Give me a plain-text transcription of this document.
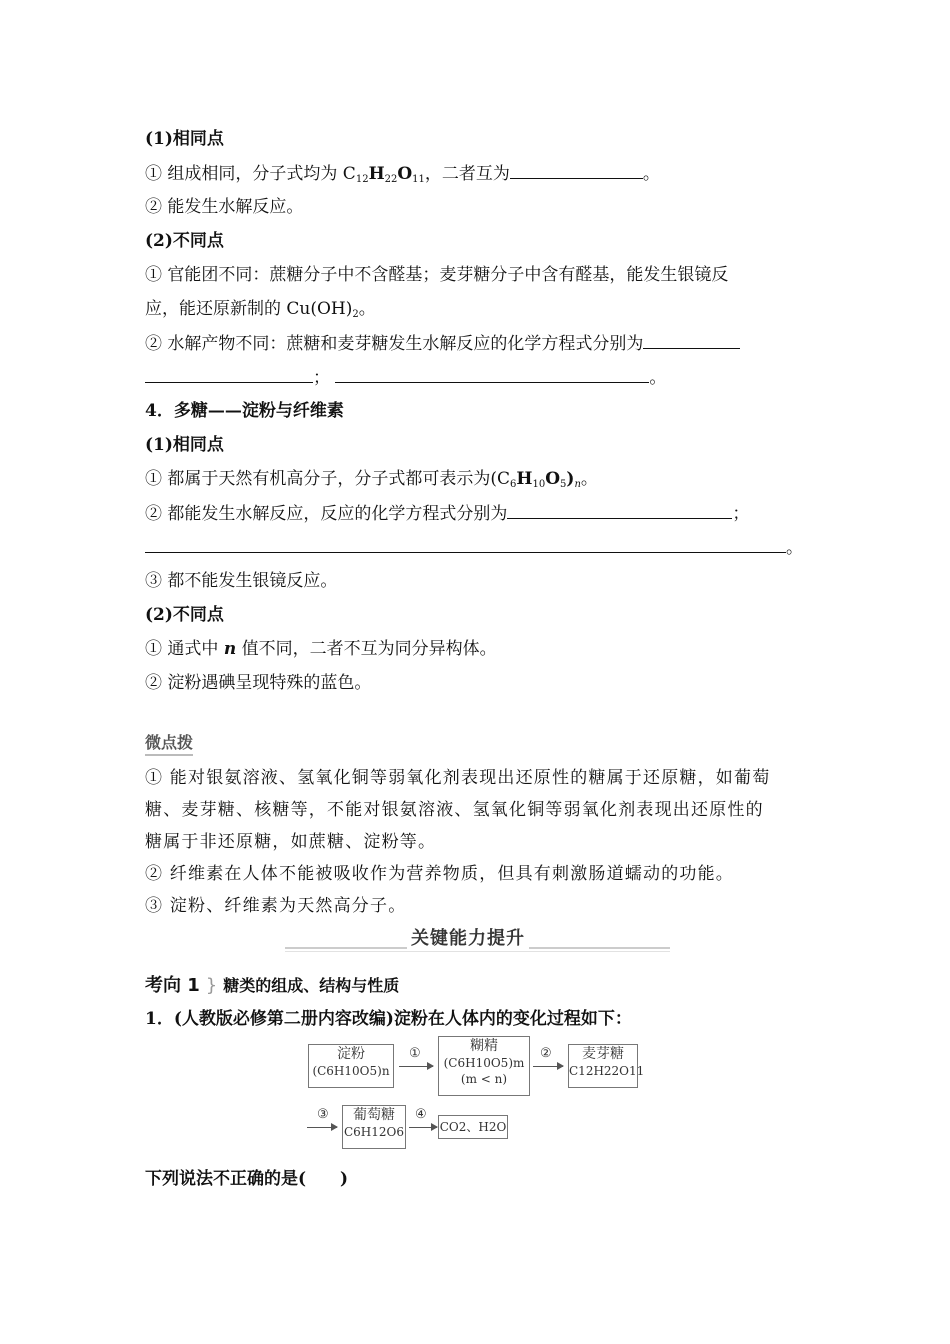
(1)相同点
① 组成相同，分子式均为 $C_{12}H_{22}O_{11}$，二者互为	。
② 能发生水解反应。
(2)不同点
① 官能团不同：蔗糖分子中不含醛基；麦芽糖分子中含有醛基，能发生银镜反
应，能还原新制的 $Cu(OH)_2$。
② 水解产物不同：蔗糖和麦芽糖发生水解反应的化学方程式分别为
；	。
4．多糖——淀粉与纤维素
(1)相同点
① 都属于天然有机高分子，分子式都可表示为$(C_6H_{10}O_5)_n$。
② 都能发生水解反应，反应的化学方程式分别为	；
。
③ 都不能发生银镜反应。
(2)不同点
① 通式中 n 值不同，二者不互为同分异构体。
② 淀粉遇碘呈现特殊的蓝色。
微点拨
① 能对银氨溶液、氢氧化铜等弱氧化剂表现出还原性的糖属于还原糖，如葡萄
糖、麦芽糖、核糖等，不能对银氨溶液、氢氧化铜等弱氧化剂表现出还原性的
糖属于非还原糖，如蔗糖、淀粉等。
② 纤维素在人体不能被吸收作为营养物质，但具有刺激肠道蠕动的功能。
③ 淀粉、纤维素为天然高分子。
关键能力提升
考向 1 } 糖类的组成、结构与性质
1．(人教版必修第二册内容改编)淀粉在人体内的变化过程如下：
淀粉
(C6H10O5)n
①	糊精
(C6H10O5)m
(m < n)
②	麦芽糖
C12H22O11
③	葡萄糖
C6H12O6
④
CO2、H2O
下列说法不正确的是(　　)
